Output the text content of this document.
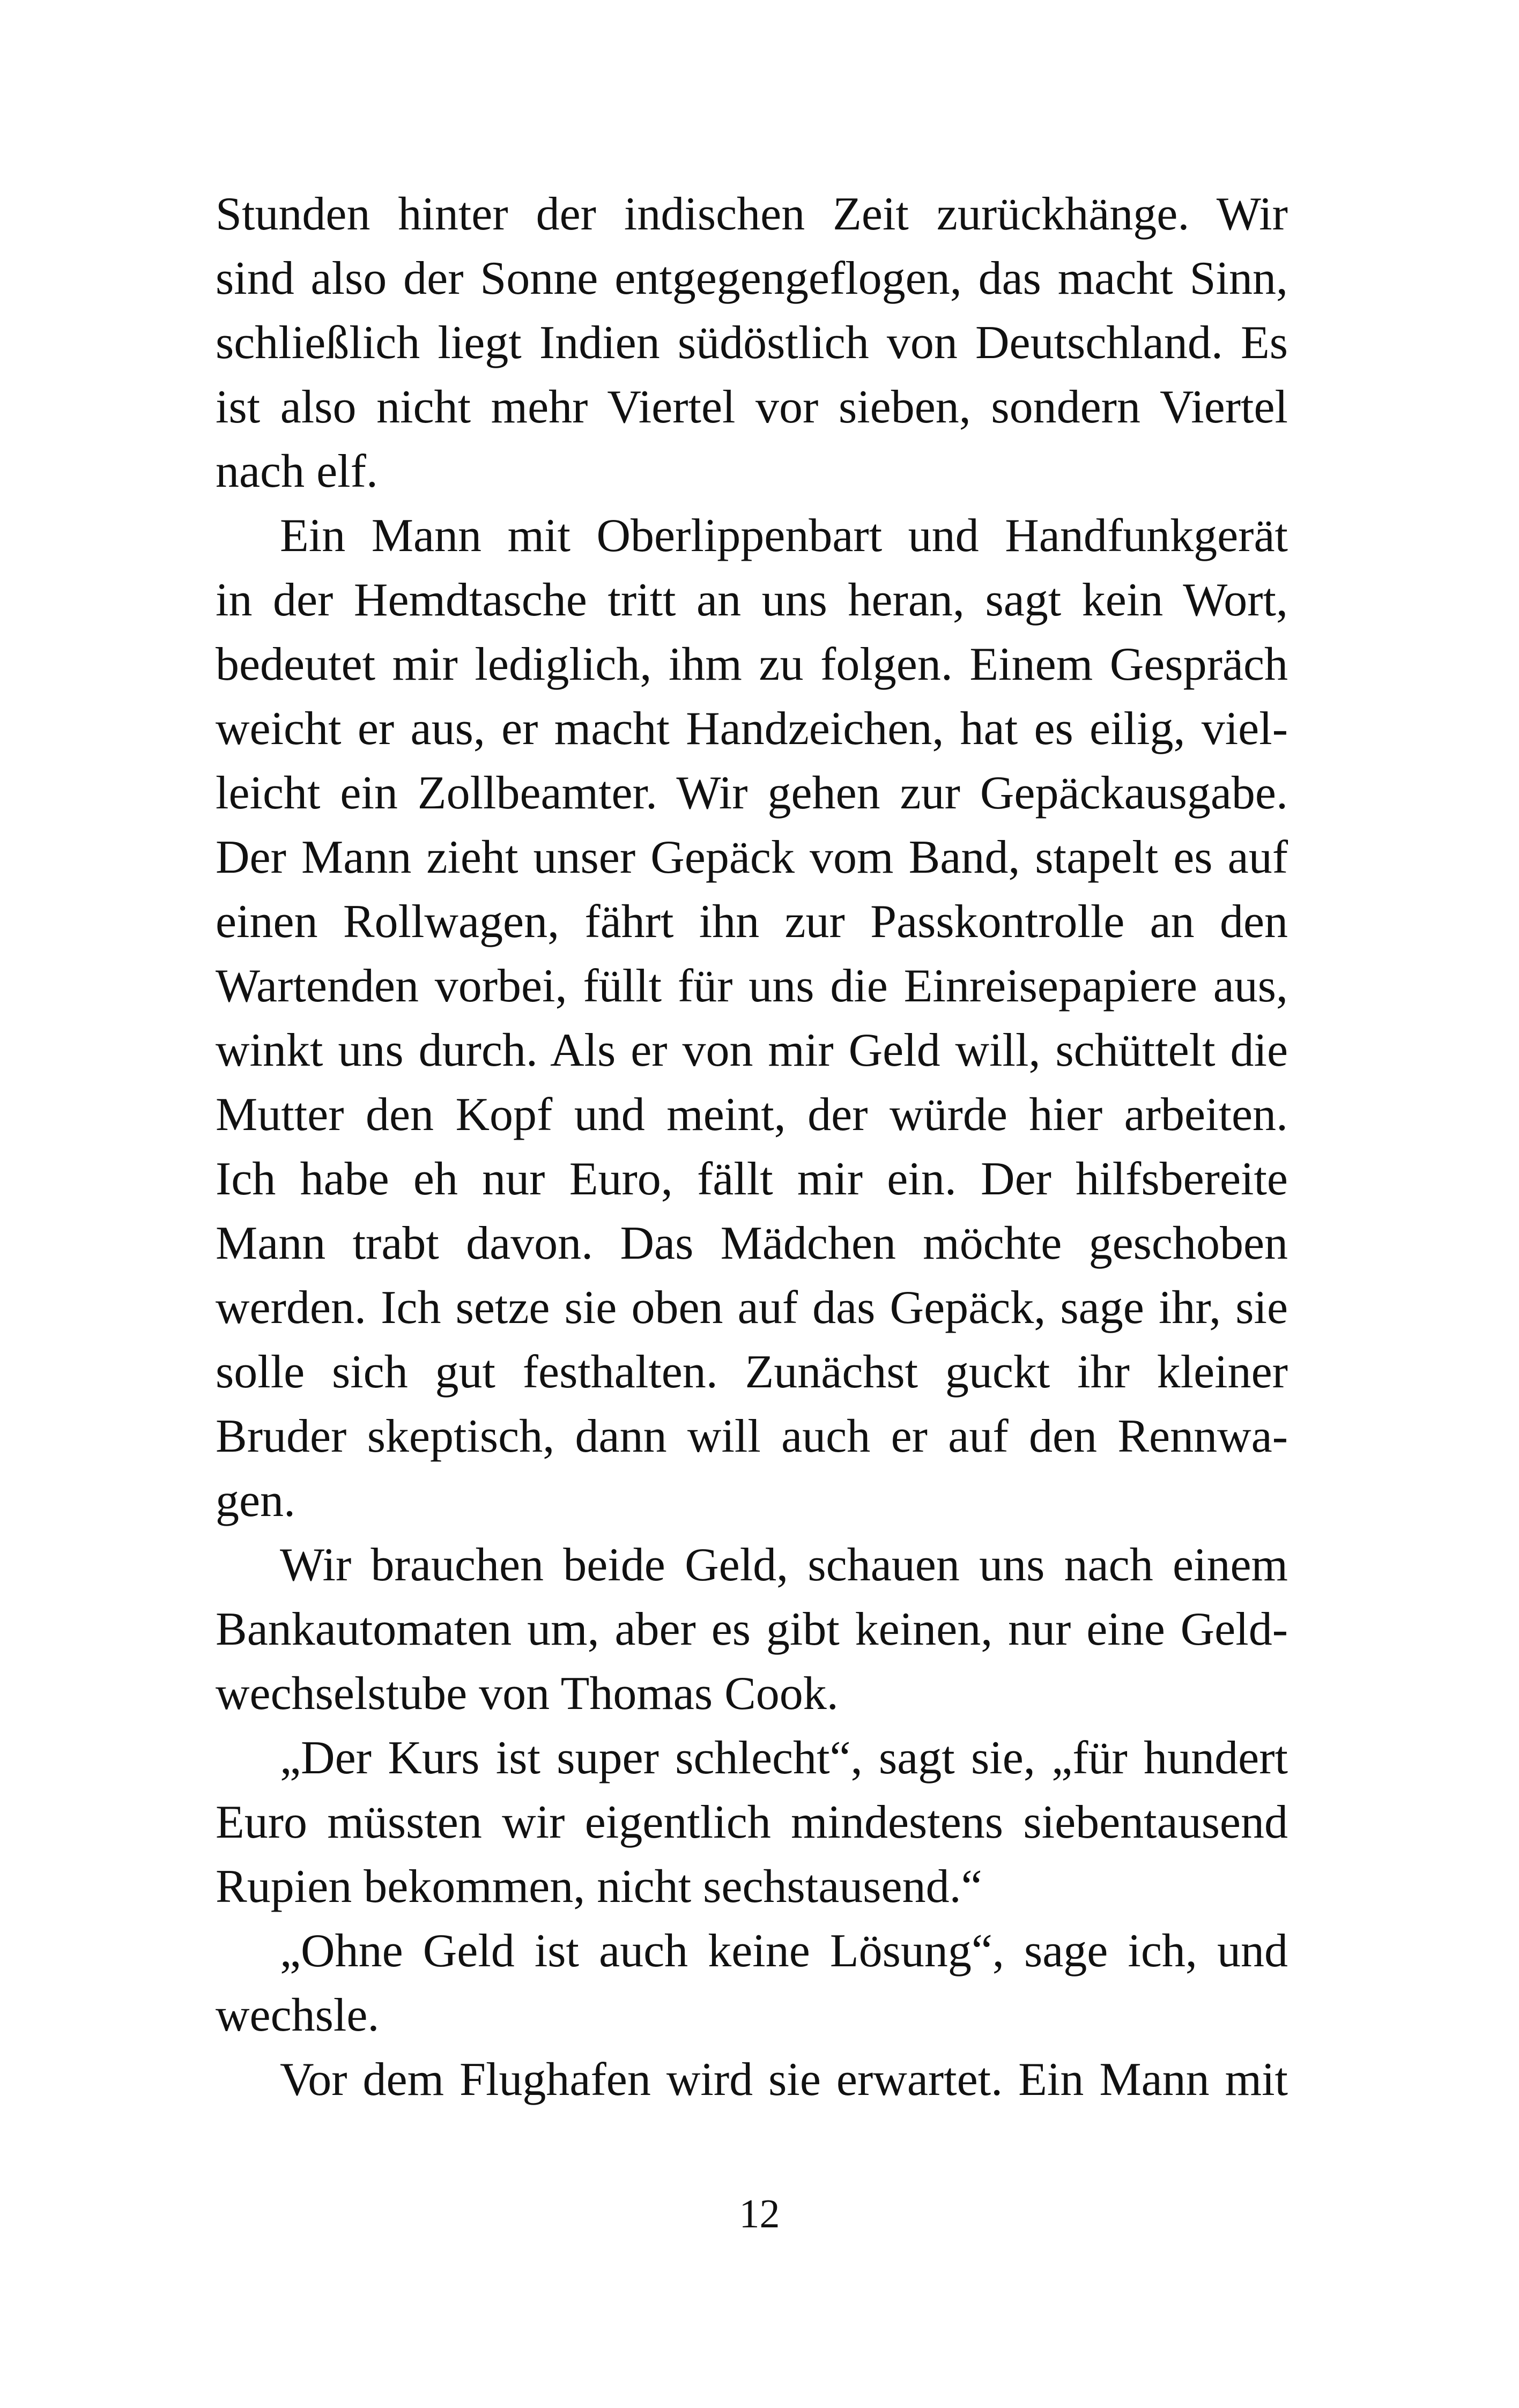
Stunden hinter der indischen Zeit zurückhänge. Wir
sind also der Sonne entgegengeflogen, das macht Sinn,
schließlich liegt Indien südöstlich von Deutschland. Es
ist also nicht mehr Viertel vor sieben, sondern Viertel
nach elf.
Ein Mann mit Oberlippenbart und Handfunkgerät
in der Hemdtasche tritt an uns heran, sagt kein Wort,
bedeutet mir lediglich, ihm zu folgen. Einem Gespräch
weicht er aus, er macht Handzeichen, hat es eilig, viel-
leicht ein Zollbeamter. Wir gehen zur Gepäckausgabe.
Der Mann zieht unser Gepäck vom Band, stapelt es auf
einen Rollwagen, fährt ihn zur Passkontrolle an den
Wartenden vorbei, füllt für uns die Einreisepapiere aus,
winkt uns durch. Als er von mir Geld will, schüttelt die
Mutter den Kopf und meint, der würde hier arbeiten.
Ich habe eh nur Euro, fällt mir ein. Der hilfsbereite
Mann trabt davon. Das Mädchen möchte geschoben
werden. Ich setze sie oben auf das Gepäck, sage ihr, sie
solle sich gut festhalten. Zunächst guckt ihr kleiner
Bruder skeptisch, dann will auch er auf den Rennwa-
gen.
Wir brauchen beide Geld, schauen uns nach einem
Bankautomaten um, aber es gibt keinen, nur eine Geld-
wechselstube von Thomas Cook.
„Der Kurs ist super schlecht“, sagt sie, „für hundert
Euro müssten wir eigentlich mindestens siebentausend
Rupien bekommen, nicht sechstausend.“
„Ohne Geld ist auch keine Lösung“, sage ich, und
wechsle.
Vor dem Flughafen wird sie erwartet. Ein Mann mit
12
